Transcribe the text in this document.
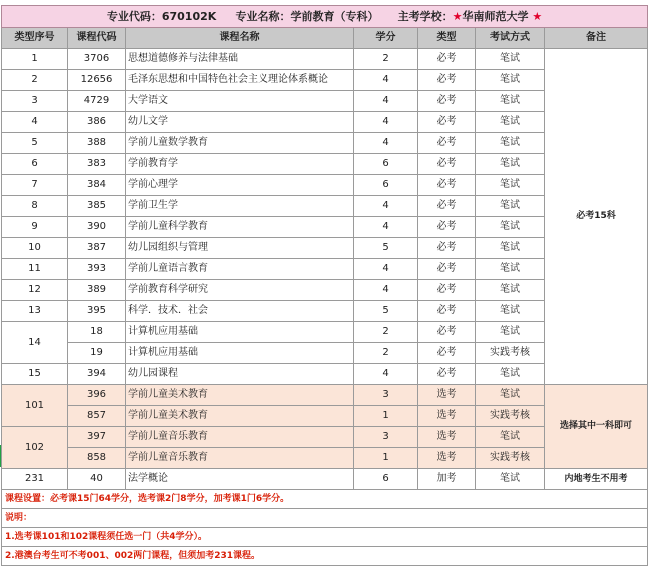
专业代码：670102K 专业名称：学前教育（专科） 主考学校：★华南师范大学 ★						
类型序号	课程代码	课程名称	学分	类型	考试方式	备注
1	3706	思想道德修养与法律基础	2	必考	笔试	必考15科
2	12656	毛泽东思想和中国特色社会主义理论体系概论	4	必考	笔试	
3	4729	大学语文	4	必考	笔试	
4	386	幼儿文学	4	必考	笔试	
5	388	学前儿童数学教育	4	必考	笔试	
6	383	学前教育学	6	必考	笔试	
7	384	学前心理学	6	必考	笔试	
8	385	学前卫生学	4	必考	笔试	
9	390	学前儿童科学教育	4	必考	笔试	
10	387	幼儿园组织与管理	5	必考	笔试	
11	393	学前儿童语言教育	4	必考	笔试	
12	389	学前教育科学研究	4	必考	笔试	
13	395	科学．技术．社会	5	必考	笔试	
14	18	计算机应用基础	2	必考	笔试	
	19	计算机应用基础	2	必考	实践考核	
15	394	幼儿园课程	4	必考	笔试	
101	396	学前儿童美术教育	3	选考	笔试	选择其中一科即可
	857	学前儿童美术教育	1	选考	实践考核	
102	397	学前儿童音乐教育	3	选考	笔试	
	858	学前儿童音乐教育	1	选考	实践考核	
231	40	法学概论	6	加考	笔试	内地考生不用考
课程设置：必考课15门64学分，选考课2门8学分，加考课1门6学分。						
说明：						
1.选考课101和102课程须任选一门（共4学分）。						
2.港澳台考生可不考001、002两门课程，但须加考231课程。						
